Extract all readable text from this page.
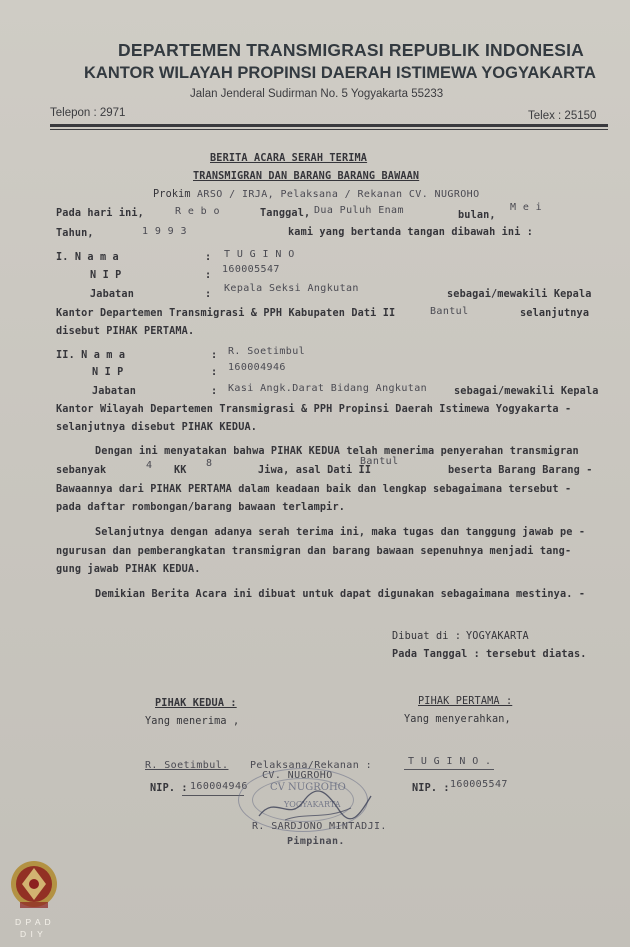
DEPARTEMEN TRANSMIGRASI REPUBLIK INDONESIA
KANTOR WILAYAH PROPINSI DAERAH ISTIMEWA YOGYAKARTA
Jalan Jenderal Sudirman No. 5 Yogyakarta 55233
Telepon : 2971	Telex : 25150
BERITA ACARA SERAH TERIMA
TRANSMIGRAN DAN BARANG BARANG BAWAAN
Prokim ARSO / IRJA, Pelaksana / Rekanan CV. NUGROHO
Pada hari ini,	R e b o	Tanggal, Dua Puluh Enam	bulan,
M e i
Tahun,	1 9 9 3	kami yang bertanda tangan dibawah ini :
I. N a m a	: T U G I N O
N I P	:
160005547
Jabatan	:
Kepala Seksi Angkutan
sebagai/mewakili Kepala
Kantor Departemen Transmigrasi & PPH Kabupaten Dati II	Bantul	selanjutnya
disebut PIHAK PERTAMA.
II. N a m a	: R. Soetimbul
N I P	: 160004946
Jabatan	: Kasi Angk.Darat Bidang Angkutan	sebagai/mewakili Kepala
Kantor Wilayah Departemen Transmigrasi & PPH Propinsi Daerah Istimewa Yogyakarta -
selanjutnya disebut PIHAK KEDUA.
Dengan ini menyatakan bahwa PIHAK KEDUA telah menerima penyerahan transmigran
sebanyak	4 KK
8
Jiwa, asal Dati II
Bantul
beserta Barang Barang -
Bawaannya dari PIHAK PERTAMA dalam keadaan baik dan lengkap sebagaimana tersebut -
pada daftar rombongan/barang bawaan terlampir.
Selanjutnya dengan adanya serah terima ini, maka tugas dan tanggung jawab pe -
ngurusan dan pemberangkatan transmigran dan barang bawaan sepenuhnya menjadi tang-
gung jawab PIHAK KEDUA.
Demikian Berita Acara ini dibuat untuk dapat digunakan sebagaimana mestinya. -
Dibuat di : YOGYAKARTA
Pada Tanggal : tersebut diatas.
PIHAK KEDUA :
Yang menerima ,
R. Soetimbul.
NIP. : 160004946
Pelaksana/Rekanan :
CV. NUGROHO
CV NUGROHO
YOGYAKARTA
R. SARDJONO MINTADJI.
Pimpinan.
PIHAK PERTAMA :
Yang menyerahkan,
T U G I N O .
NIP. : 160005547
D P A D
D I Y
